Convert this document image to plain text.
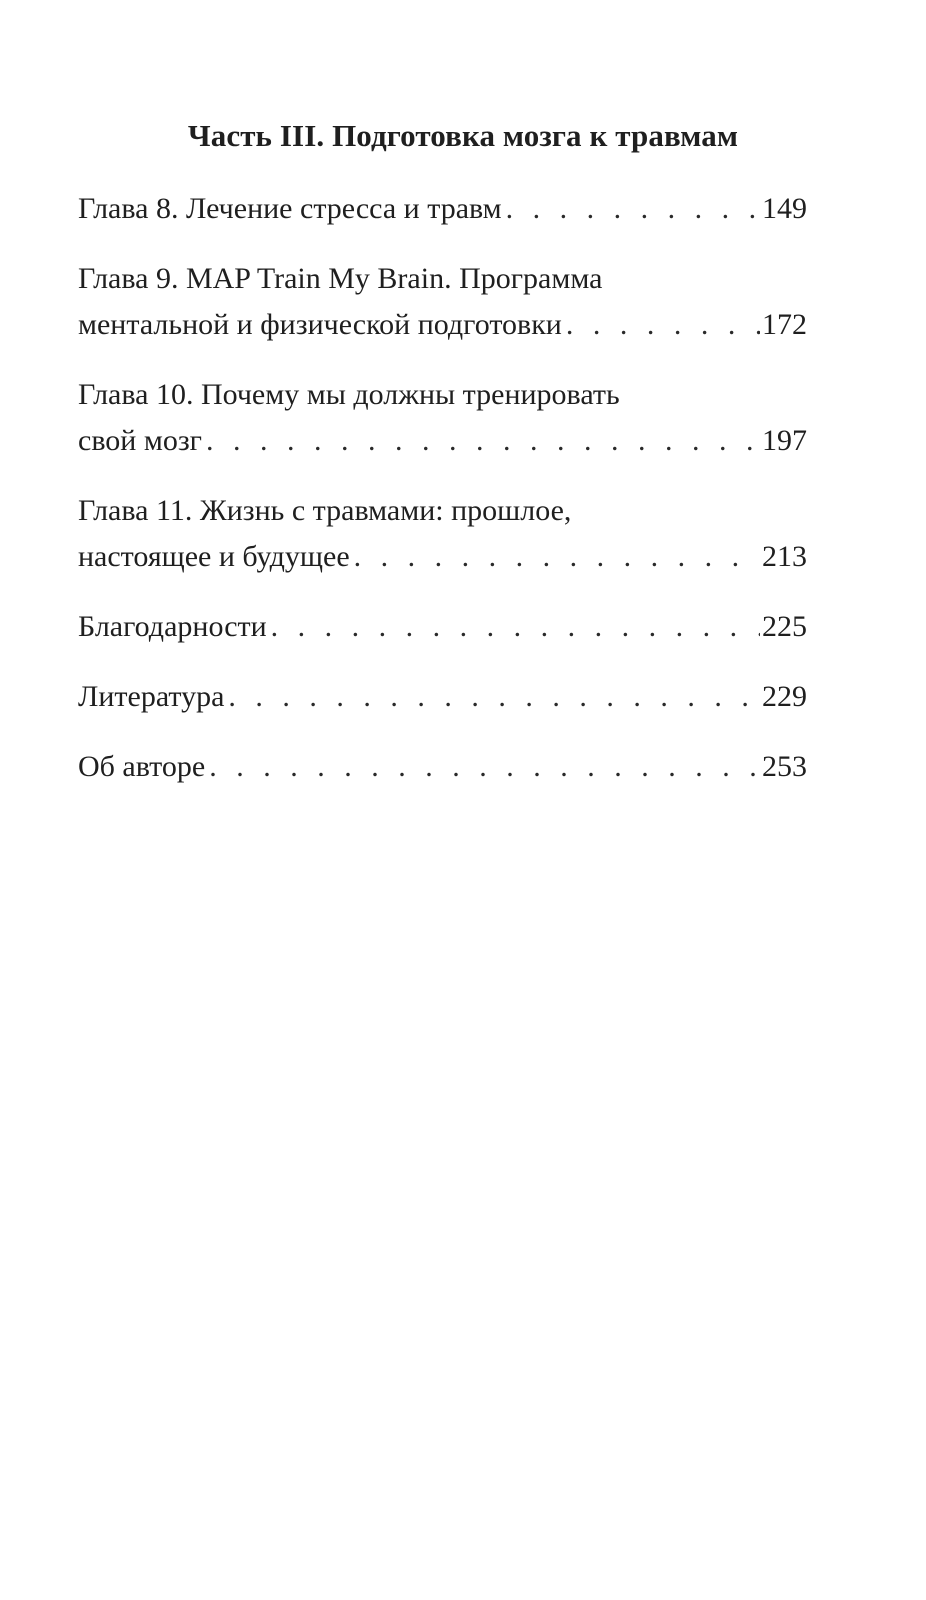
Часть III. Подготовка мозга к травмам
Глава 8. Лечение стресса и травм . . .	149
Глава 9. MAP Train My Brain. Программа
ментальной и физической подготовки . . .	172
Глава 10. Почему мы должны тренировать
свой мозг . . .	197
Глава 11. Жизнь с травмами: прошлое,
настоящее и будущее . . .	213
Благодарности . . .	225
Литература . . .	229
Об авторе . . .	253
